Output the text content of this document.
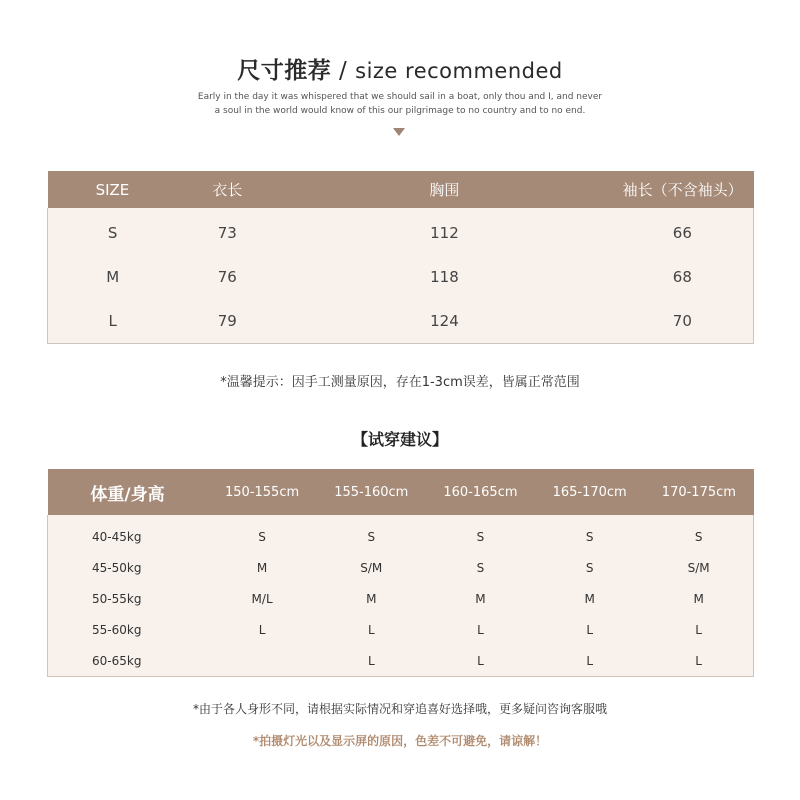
尺寸推荐 / size recommended
Early in the day it was whispered that we should sail in a boat, only thou and I, and never
a soul in the world would know of this our pilgrimage to no country and to no end.
SIZE	衣长	胸围	袖长（不含袖头）
S	73	112	66
M	76	118	68
L	79	124	70
*温馨提示：因手工测量原因，存在1-3cm误差，皆属正常范围
【试穿建议】
体重/身高	150-155cm	155-160cm	160-165cm	165-170cm	170-175cm
40-45kg	S	S	S	S	S
45-50kg	M	S/M	S	S	S/M
50-55kg	M/L	M	M	M	M
55-60kg	L	L	L	L	L
60-65kg		L	L	L	L
*由于各人身形不同，请根据实际情况和穿追喜好选择哦，更多疑问咨询客服哦
*拍摄灯光以及显示屏的原因，色差不可避免，请谅解！
